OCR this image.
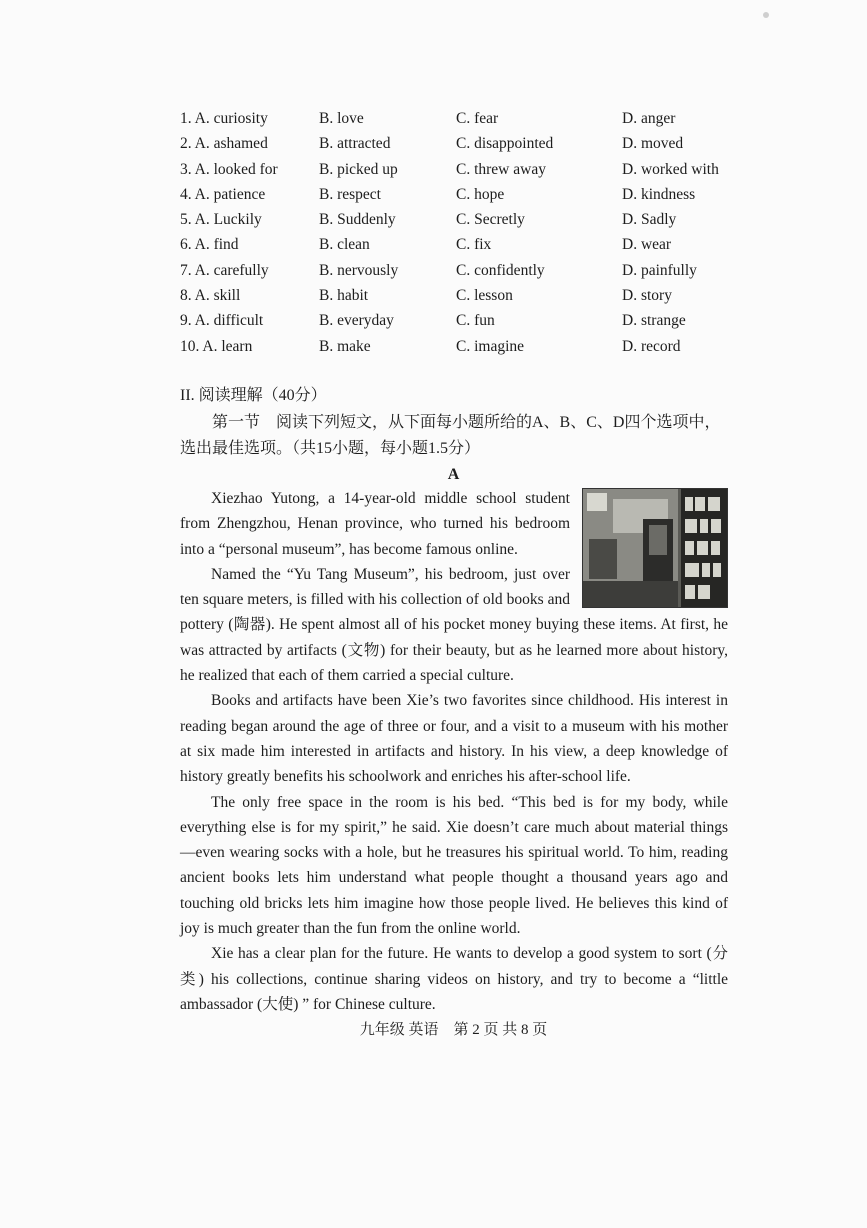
1. A. curiosity	B. love	C. fear	D. anger
2. A. ashamed	B. attracted	C. disappointed	D. moved
3. A. looked for	B. picked up	C. threw away	D. worked with
4. A. patience	B. respect	C. hope	D. kindness
5. A. Luckily	B. Suddenly	C. Secretly	D. Sadly
6. A. find	B. clean	C. fix	D. wear
7. A. carefully	B. nervously	C. confidently	D. painfully
8. A. skill	B. habit	C. lesson	D. story
9. A. difficult	B. everyday	C. fun	D. strange
10. A. learn	B. make	C. imagine	D. record
II. 阅读理解（40分）
第一节　阅读下列短文，从下面每小题所给的A、B、C、D四个选项中，选出最佳选项。（共15小题，每小题1.5分）
A

Xiezhao Yutong, a 14-year-old middle school student from Zhengzhou, Henan province, who turned his bedroom into a “personal museum”, has become famous online.

Named the “Yu Tang Museum”, his bedroom, just over ten square meters, is filled with his collection of old books and pottery (陶器). He spent almost all of his pocket money buying these items. At first, he was attracted by artifacts (文物) for their beauty, but as he learned more about history, he realized that each of them carried a special culture.

Books and artifacts have been Xie’s two favorites since childhood. His interest in reading began around the age of three or four, and a visit to a museum with his mother at six made him interested in artifacts and history. In his view, a deep knowledge of history greatly benefits his schoolwork and enriches his after-school life.

The only free space in the room is his bed. “This bed is for my body, while everything else is for my spirit,” he said. Xie doesn’t care much about material things —even wearing socks with a hole, but he treasures his spiritual world. To him, reading ancient books lets him understand what people thought a thousand years ago and touching old bricks lets him imagine how those people lived. He believes this kind of joy is much greater than the fun from the online world.

Xie has a clear plan for the future. He wants to develop a good system to sort (分类) his collections, continue sharing videos on history, and try to become a “little ambassador (大使) ” for Chinese culture.

九年级 英语　第 2 页 共 8 页
